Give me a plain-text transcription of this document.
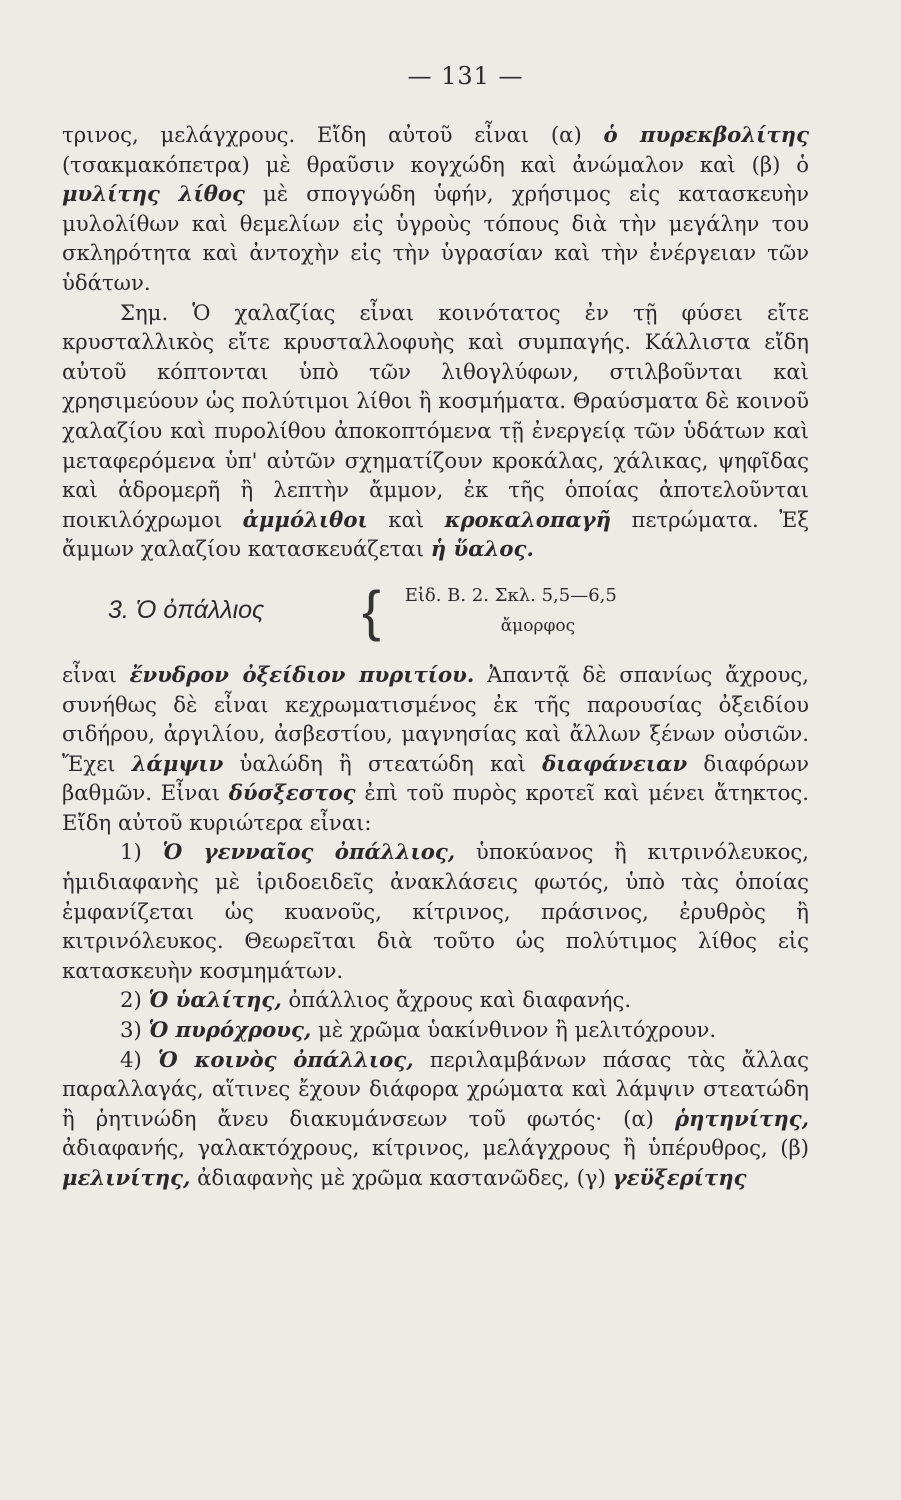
— 131 —

τρινος, μελάγχρους. Εἴδη αὐτοῦ εἶναι (α) ὁ πυρεκβολίτης (τσακμακόπετρα) μὲ θραῦσιν κογχώδη καὶ ἀνώμαλον καὶ (β) ὁ μυλίτης λίθος μὲ σπογγώδη ὑφήν, χρήσιμος εἰς κατασκευὴν μυλολίθων καὶ θεμελίων εἰς ὑγροὺς τόπους διὰ τὴν μεγάλην του σκληρότητα καὶ ἀντοχὴν εἰς τὴν ὑγρασίαν καὶ τὴν ἐνέργειαν τῶν ὑδάτων.

Σημ. Ὁ χαλαζίας εἶναι κοινότατος ἐν τῇ φύσει εἴτε κρυσταλλικὸς εἴτε κρυσταλλοφυὴς καὶ συμπαγής. Κάλλιστα εἴδη αὐτοῦ κόπτονται ὑπὸ τῶν λιθογλύφων, στιλβοῦνται καὶ χρησιμεύουν ὡς πολύτιμοι λίθοι ἢ κοσμήματα. Θραύσματα δὲ κοινοῦ χαλαζίου καὶ πυρολίθου ἀποκοπτόμενα τῇ ἐνεργείᾳ τῶν ὑδάτων καὶ μεταφερόμενα ὑπ' αὐτῶν σχηματίζουν κροκάλας, χάλικας, ψηφῖδας καὶ ἁδρομερῆ ἢ λεπτὴν ἄμμον, ἐκ τῆς ὁποίας ἀποτελοῦνται ποικιλόχρωμοι ἀμμόλιθοι καὶ κροκαλοπαγῆ πετρώματα. Ἐξ ἄμμων χαλαζίου κατασκευάζεται ἡ ὕαλος.

3. Ὁ ὀπάλλιος	{ Εἰδ. Β. 2. Σκλ. 5,5—6,5
ἄμορφος

εἶναι ἔνυδρον ὀξείδιον πυριτίου. Ἀπαντᾷ δὲ σπανίως ἄχρους, συνήθως δὲ εἶναι κεχρωματισμένος ἐκ τῆς παρουσίας ὀξειδίου σιδήρου, ἀργιλίου, ἀσβεστίου, μαγνησίας καὶ ἄλλων ξένων οὐσιῶν. Ἔχει λάμψιν ὑαλώδη ἢ στεατώδη καὶ διαφάνειαν διαφόρων βαθμῶν. Εἶναι δύσξεστος ἐπὶ τοῦ πυρὸς κροτεῖ καὶ μένει ἄτηκτος. Εἴδη αὐτοῦ κυριώτερα εἶναι:

1) Ὁ γενναῖος ὀπάλλιος, ὑποκύανος ἢ κιτρινόλευκος, ἡμιδιαφανὴς μὲ ἰριδοειδεῖς ἀνακλάσεις φωτός, ὑπὸ τὰς ὁποίας ἐμφανίζεται ὡς κυανοῦς, κίτρινος, πράσινος, ἐρυθρὸς ἢ κιτρινόλευκος. Θεωρεῖται διὰ τοῦτο ὡς πολύτιμος λίθος εἰς κατασκευὴν κοσμημάτων.

2) Ὁ ὑαλίτης, ὀπάλλιος ἄχρους καὶ διαφανής.

3) Ὁ πυρόχρους, μὲ χρῶμα ὑακίνθινον ἢ μελιτόχρουν.

4) Ὁ κοινὸς ὀπάλλιος, περιλαμβάνων πάσας τὰς ἄλλας παραλλαγάς, αἵτινες ἔχουν διάφορα χρώματα καὶ λάμψιν στεατώδη ἢ ῥητινώδη ἄνευ διακυμάνσεων τοῦ φωτός· (α) ῥητηνίτης, ἀδιαφανής, γαλακτόχρους, κίτρινος, μελάγχρους ἢ ὑπέρυθρος, (β) μελινίτης, ἀδιαφανὴς μὲ χρῶμα καστανῶδες, (γ) γεϋξερίτης
